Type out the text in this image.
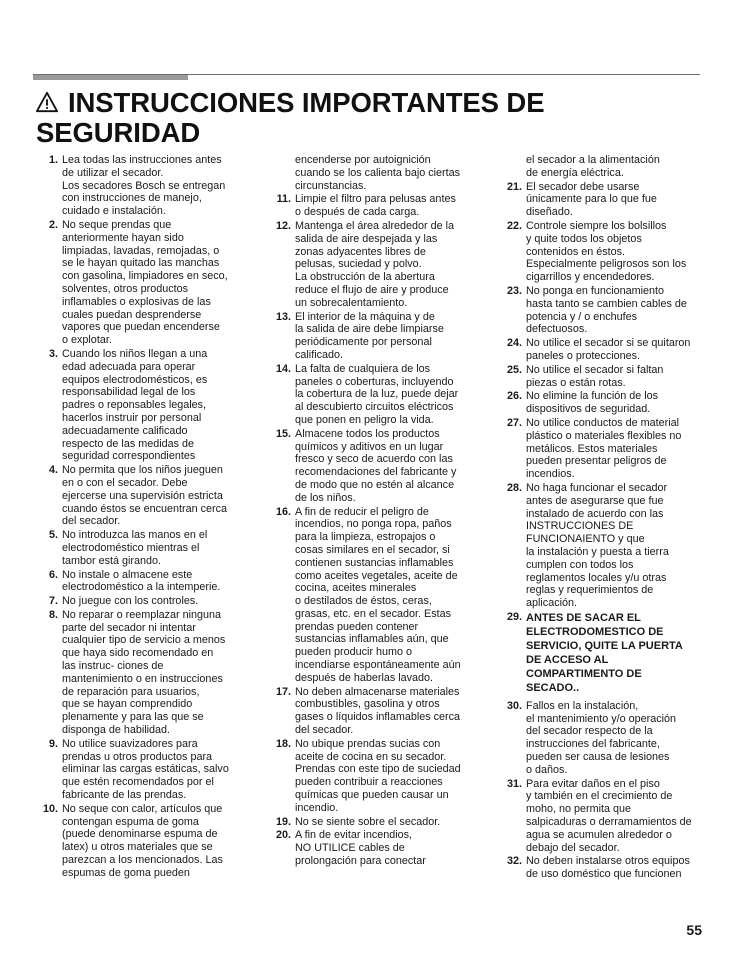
INSTRUCCIONES IMPORTANTES DE
SEGURIDAD
1. Lea todas las instrucciones antes
de utilizar el secador.
Los secadores Bosch se entregan
con instrucciones de manejo,
cuidado e instalación.
2. No seque prendas que
anteriormente hayan sido
limpiadas, lavadas, remojadas, o
se le hayan quitado las manchas
con gasolina, limpiadores en seco,
solventes, otros productos
inflamables o explosivas de las
cuales puedan desprenderse
vapores que puedan encenderse
o explotar.
3. Cuando los niños llegan a una
edad adecuada para operar
equipos electrodomésticos, es
responsabilidad legal de los
padres o reponsables legales,
hacerlos instruir por personal
adecuadamente calificado
respecto de las medidas de
seguridad correspondientes
4. No permita que los niños jueguen
en o con el secador. Debe
ejercerse una supervisión estricta
cuando éstos se encuentran cerca
del secador.
5. No introduzca las manos en el
electrodoméstico mientras el
tambor está girando.
6. No instale o almacene este
electrodoméstico a la intemperie.
7. No juegue con los controles.
8. No reparar o reemplazar ninguna
parte del secador ni intentar
cualquier tipo de servicio a menos
que haya sido recomendado en
las instruc- ciones de
mantenimiento o en instrucciones
de reparación para usuarios,
que se hayan comprendido
plenamente y para las que se
disponga de habilidad.
9. No utilice suavizadores para
prendas u otros productos para
eliminar las cargas estáticas, salvo
que estén recomendados por el
fabricante de las prendas.
10. No seque con calor, artículos que
contengan espuma de goma
(puede denominarse espuma de
latex) u otros materiales que se
parezcan a los mencionados. Las
espumas de goma pueden
encenderse por autoignición
cuando se los calienta bajo ciertas
circunstancias.
11. Limpie el filtro para pelusas antes
o después de cada carga.
12. Mantenga el área alrededor de la
salida de aire despejada y las
zonas adyacentes libres de
pelusas, suciedad y polvo.
La obstrucción de la abertura
reduce el flujo de aire y produce
un sobrecalentamiento.
13. El interior de la máquina y de
la salida de aire debe limpiarse
periódicamente por personal
calificado.
14. La falta de cualquiera de los
paneles o coberturas, incluyendo
la cobertura de la luz, puede dejar
al descubierto circuitos eléctricos
que ponen en peligro la vida.
15. Almacene todos los productos
químicos y aditivos en un lugar
fresco y seco de acuerdo con las
recomendaciones del fabricante y
de modo que no estén al alcance
de los niños.
16. A fin de reducir el peligro de
incendios, no ponga ropa, paños
para la limpieza, estropajos o
cosas similares en el secador, si
contienen sustancias inflamables
como aceites vegetales, aceite de
cocina, aceites minerales
o destilados de éstos, ceras,
grasas, etc. en el secador. Estas
prendas pueden contener
sustancias inflamables aún, que
pueden producir humo o
incendiarse espontáneamente aún
después de haberlas lavado.
17. No deben almacenarse materiales
combustibles, gasolina y otros
gases o líquidos inflamables cerca
del secador.
18. No ubique prendas sucias con
aceite de cocina en su secador.
Prendas con este tipo de suciedad
pueden contribuir a reacciones
químicas que pueden causar un
incendio.
19. No se siente sobre el secador.
20. A fin de evitar incendios,
NO UTILICE cables de
prolongación para conectar
el secador a la alimentación
de energía eléctrica.
21. El secador debe usarse
únicamente para lo que fue
diseñado.
22. Controle siempre los bolsillos
y quite todos los objetos
contenidos en éstos.
Especialmente peligrosos son los
cigarrillos y encendedores.
23. No ponga en funcionamiento
hasta tanto se cambien cables de
potencia y / o enchufes
defectuosos.
24. No utilice el secador si se quitaron
paneles o protecciones.
25. No utilice el secador si faltan
piezas o están rotas.
26. No elimine la función de los
dispositivos de seguridad.
27. No utilice conductos de material
plástico o materiales flexibles no
metálicos. Estos materiales
pueden presentar peligros de
incendios.
28. No haga funcionar el secador
antes de asegurarse que fue
instalado de acuerdo con las
INSTRUCCIONES DE
FUNCIONAIENTO y que
la instalación y puesta a tierra
cumplen con todos los
reglamentos locales y/u otras
reglas y requerimientos de
aplicación.
29. ANTES DE SACAR EL
ELECTRODOMESTICO DE
SERVICIO, QUITE LA PUERTA
DE ACCESO AL
COMPARTIMENTO DE
SECADO..
30. Fallos en la instalación,
el mantenimiento y/o operación
del secador respecto de la
instrucciones del fabricante,
pueden ser causa de lesiones
o daños.
31. Para evitar daños en el piso
y también en el crecimiento de
moho, no permita que
salpicaduras o derramamientos de
agua se acumulen alrededor o
debajo del secador.
32. No deben instalarse otros equipos
de uso doméstico que funcionen
55
